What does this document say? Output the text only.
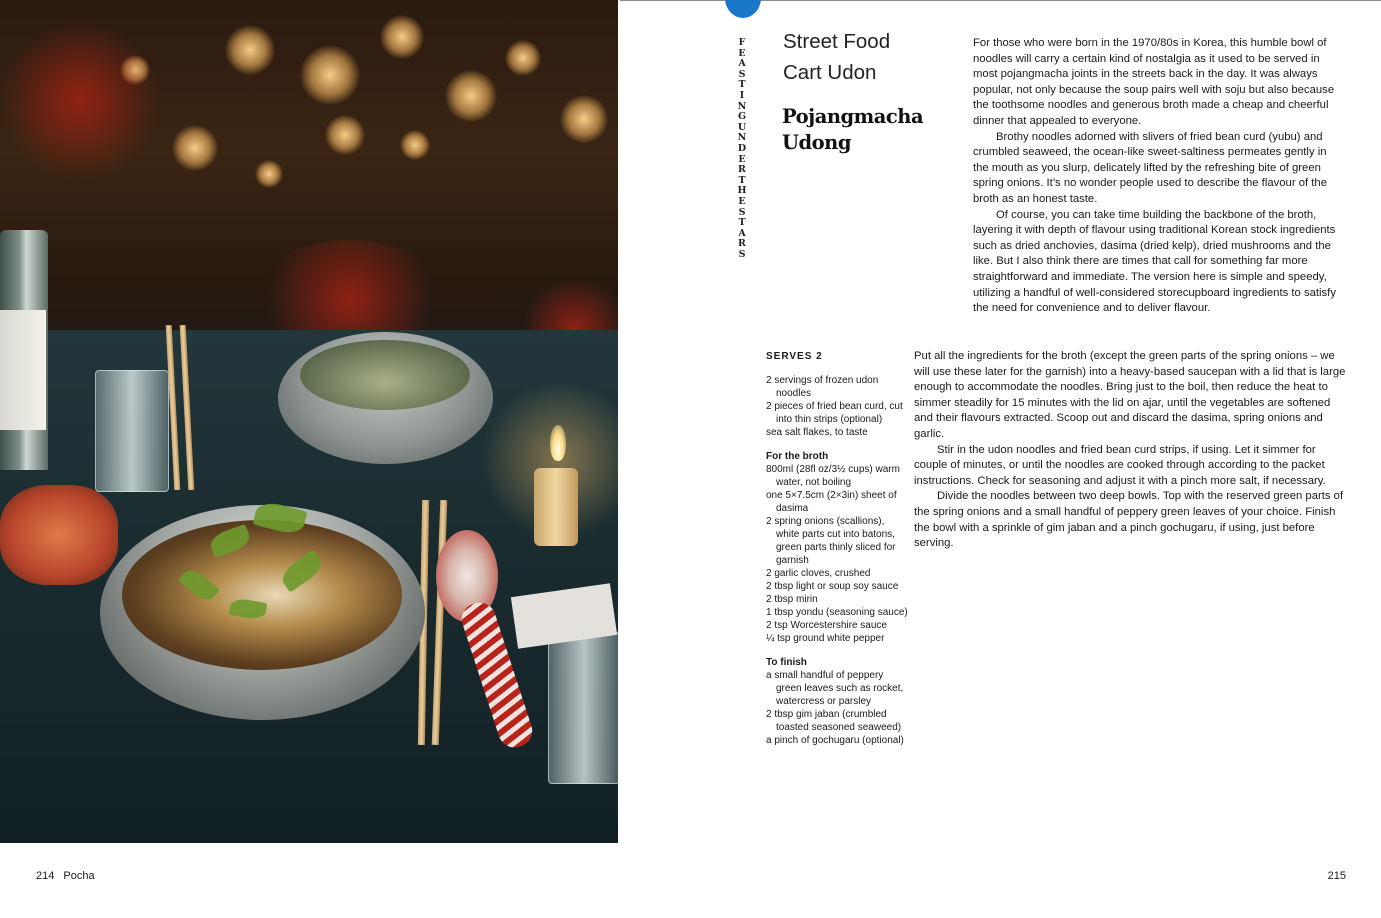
FEASTING UNDER THE STARS
Street Food
Cart Udon
Pojangmacha
Udong

For those who were born in the 1970/80s in Korea, this humble bowl of noodles will carry a certain kind of nostalgia as it used to be served in most pojangmacha joints in the streets back in the day. It was always popular, not only because the soup pairs well with soju but also because the toothsome noodles and generous broth made a cheap and cheerful dinner that appealed to everyone.

Brothy noodles adorned with slivers of fried bean curd (yubu) and crumbled seaweed, the ocean-like sweet-saltiness permeates gently in the mouth as you slurp, delicately lifted by the refreshing bite of green spring onions. It’s no wonder people used to describe the flavour of the broth as an honest taste.

Of course, you can take time building the backbone of the broth, layering it with depth of flavour using traditional Korean stock ingredients such as dried anchovies, dasima (dried kelp), dried mushrooms and the like. But I also think there are times that call for something far more straightforward and immediate. The version here is simple and speedy, utilizing a handful of well-considered storecupboard ingredients to satisfy the need for convenience and to deliver flavour.

SERVES 2

2 servings of frozen udon noodles

2 pieces of fried bean curd, cut into thin strips (optional)

sea salt flakes, to taste

For the broth

800ml (28fl oz/3½ cups) warm water, not boiling

one 5×7.5cm (2×3in) sheet of dasima

2 spring onions (scallions), white parts cut into batons, green parts thinly sliced for garnish

2 garlic cloves, crushed

2 tbsp light or soup soy sauce

2 tbsp mirin

1 tbsp yondu (seasoning sauce)

2 tsp Worcestershire sauce

¼ tsp ground white pepper

To finish

a small handful of peppery green leaves such as rocket, watercress or parsley

2 tbsp gim jaban (crumbled toasted seasoned seaweed)

a pinch of gochugaru (optional)

Put all the ingredients for the broth (except the green parts of the spring onions – we will use these later for the garnish) into a heavy-based saucepan with a lid that is large enough to accommodate the noodles. Bring just to the boil, then reduce the heat to simmer steadily for 15 minutes with the lid on ajar, until the vegetables are softened and their flavours extracted. Scoop out and discard the dasima, spring onions and garlic.

Stir in the udon noodles and fried bean curd strips, if using. Let it simmer for couple of minutes, or until the noodles are cooked through according to the packet instructions. Check for seasoning and adjust it with a pinch more salt, if necessary.

Divide the noodles between two deep bowls. Top with the reserved green parts of the spring onions and a small handful of peppery green leaves of your choice. Finish the bowl with a sprinkle of gim jaban and a pinch gochugaru, if using, just before serving.

214 Pocha	215
